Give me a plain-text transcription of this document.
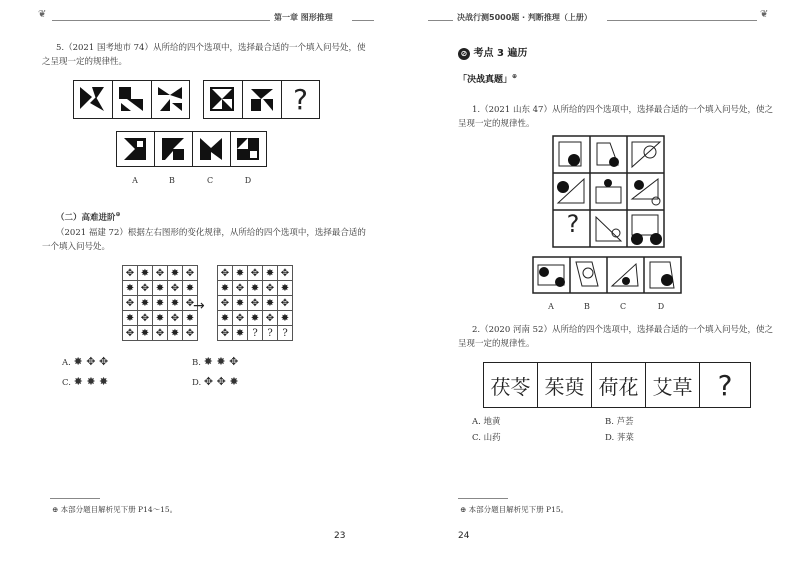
❦	第一章 图形推理
5.（2021 国考地市 74）从所给的四个选项中，选择最合适的一个填入问号处，使
之呈现一定的规律性。
?
A	B	C	D
（二）高难进阶⊕
（2021 福建 72）根据左右图形的变化规律，从所给的四个选项中，选择最合适的
一个填入问号处。
✥	✸	✥	✸	✥
✸	✥	✸	✥	✸
✥	✸	✸	✸	✥
✸	✥	✸	✥	✸
✥	✸	✥	✸	✥
→
✥	✸	✥	✸	✥
✸	✥	✸	✥	✸
✥	✸	✥	✸	✥
✸	✥	✸	✥	✸
✥	✸	?	?	?
A. ✸ ✥ ✥	B. ✸ ✸ ✥
C. ✸ ✸ ✸	D. ✥ ✥ ✸
⊕ 本部分题目解析见下册 P14～15。
23
决战行测5000题 · 判断推理（上册）	❦
⊘ 考点 3 遍历
「决战真题」⊕
1.（2021 山东 47）从所给的四个选项中，选择最合适的一个填入问号处，使之
呈现一定的规律性。
?
A	B	C	D
2.（2020 河南 52）从所给的四个选项中，选择最合适的一个填入问号处，使之
呈现一定的规律性。
茯苓 茱萸 荷花 艾草 ?
A. 地黄	B. 芦荟
C. 山药	D. 荠菜
⊕ 本部分题目解析见下册 P15。
24
